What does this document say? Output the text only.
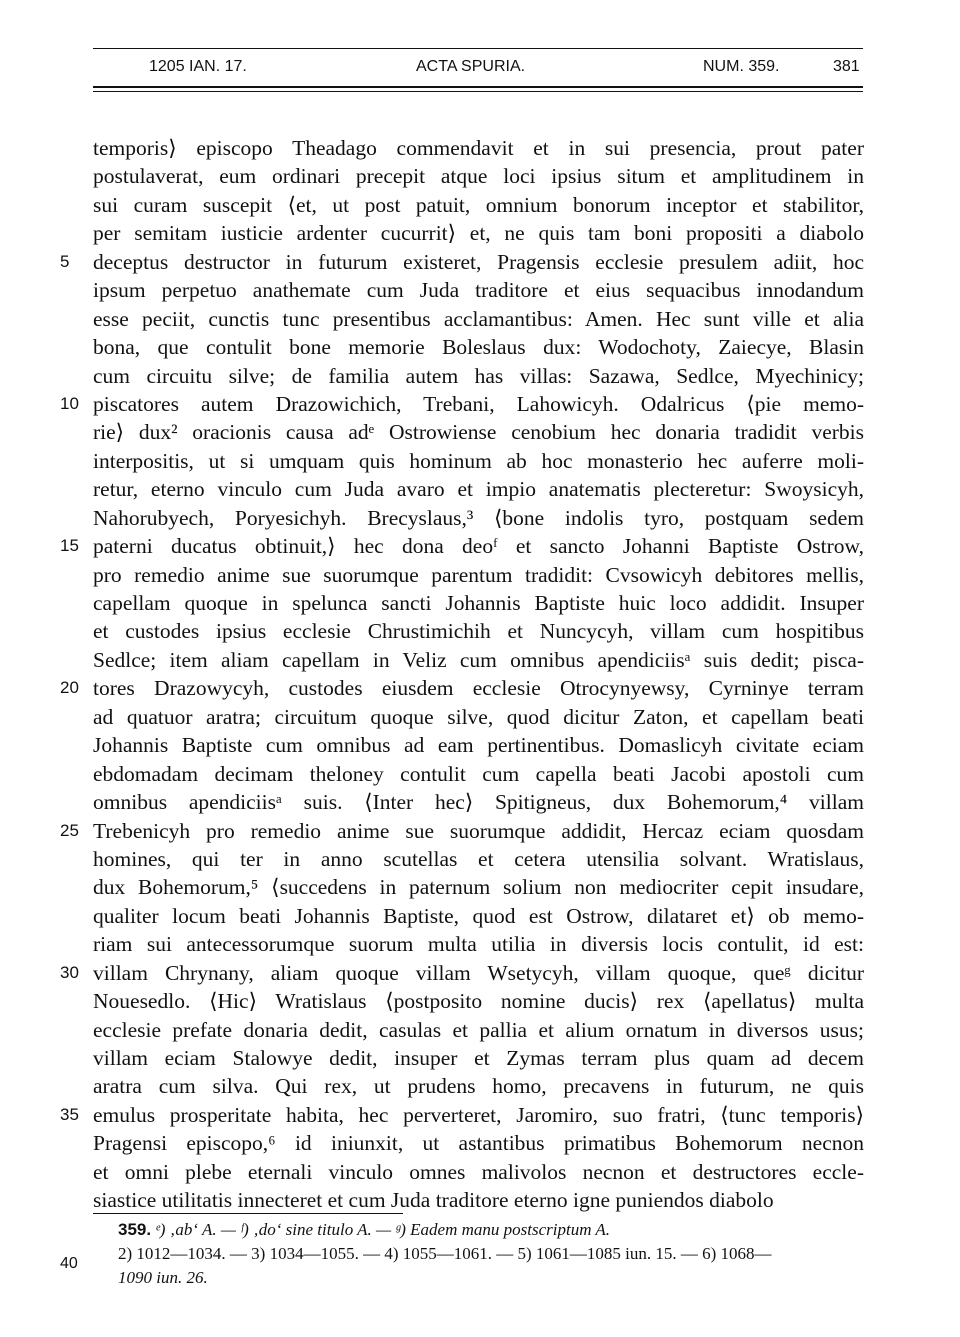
1205 IAN. 17.	ACTA SPURIA.	NUM. 359.	381
temporis⟩ episcopo Theadago commendavit et in sui presencia, prout pater
postulaverat, eum ordinari precepit atque loci ipsius situm et amplitudinem in
sui curam suscepit ⟨et, ut post patuit, omnium bonorum inceptor et stabilitor,
per semitam iusticie ardenter cucurrit⟩ et, ne quis tam boni propositi a diabolo
5	deceptus destructor in futurum existeret, Pragensis ecclesie presulem adiit, hoc
ipsum perpetuo anathemate cum Juda traditore et eius sequacibus innodandum
esse peciit, cunctis tunc presentibus acclamantibus: Amen. Hec sunt ville et alia
bona, que contulit bone memorie Boleslaus dux: Wodochoty, Zaiecye, Blasin
cum circuitu silve; de familia autem has villas: Sazawa, Sedlce, Myechinicy;
10 piscatores autem Drazowichich, Trebani, Lahowicyh. Odalricus ⟨pie memo-
rie⟩ dux² oracionis causa adᵉ Ostrowiense cenobium hec donaria tradidit verbis
interpositis, ut si umquam quis hominum ab hoc monasterio hec auferre moli-
retur, eterno vinculo cum Juda avaro et impio anatematis plecteretur: Swoysicyh,
Nahorubyech, Poryesichyh. Brecyslaus,³ ⟨bone indolis tyro, postquam sedem
15 paterni ducatus obtinuit,⟩ hec dona deoᶠ et sancto Johanni Baptiste Ostrow,
pro remedio anime sue suorumque parentum tradidit: Cvsowicyh debitores mellis,
capellam quoque in spelunca sancti Johannis Baptiste huic loco addidit. Insuper
et custodes ipsius ecclesie Chrustimichih et Nuncycyh, villam cum hospitibus
Sedlce; item aliam capellam in Veliz cum omnibus apendiciisᵃ suis dedit; pisca-
20 tores Drazowycyh, custodes eiusdem ecclesie Otrocynyewsy, Cyrninye terram
ad quatuor aratra; circuitum quoque silve, quod dicitur Zaton, et capellam beati
Johannis Baptiste cum omnibus ad eam pertinentibus. Domaslicyh civitate eciam
ebdomadam decimam theloney contulit cum capella beati Jacobi apostoli cum
omnibus apendiciisᵃ suis. ⟨Inter hec⟩ Spitigneus, dux Bohemorum,⁴ villam
25 Trebenicyh pro remedio anime sue suorumque addidit, Hercaz eciam quosdam
homines, qui ter in anno scutellas et cetera utensilia solvant. Wratislaus,
dux Bohemorum,⁵ ⟨succedens in paternum solium non mediocriter cepit insudare,
qualiter locum beati Johannis Baptiste, quod est Ostrow, dilataret et⟩ ob memo-
riam sui antecessorumque suorum multa utilia in diversis locis contulit, id est:
30 villam Chrynany, aliam quoque villam Wsetycyh, villam quoque, queᵍ dicitur
Nouesedlo. ⟨Hic⟩ Wratislaus ⟨postposito nomine ducis⟩ rex ⟨apellatus⟩ multa
ecclesie prefate donaria dedit, casulas et pallia et alium ornatum in diversos usus;
villam eciam Stalowye dedit, insuper et Zymas terram plus quam ad decem
aratra cum silva. Qui rex, ut prudens homo, precavens in futurum, ne quis
35 emulus prosperitate habita, hec perverteret, Jaromiro, suo fratri, ⟨tunc temporis⟩
Pragensi episcopo,⁶ id iniunxit, ut astantibus primatibus Bohemorum necnon
et omni plebe eternali vinculo omnes malivolos necnon et destructores eccle-
siastice utilitatis innecteret et cum Juda traditore eterno igne puniendos diabolo
359. ᵉ) ‚ab‘ A. — ᶠ) ‚do‘ sine titulo A. — ᵍ) Eadem manu postscriptum A.
40
2) 1012—1034. — 3) 1034—1055. — 4) 1055—1061. — 5) 1061—1085 iun. 15. — 6) 1068—
1090 iun. 26.
